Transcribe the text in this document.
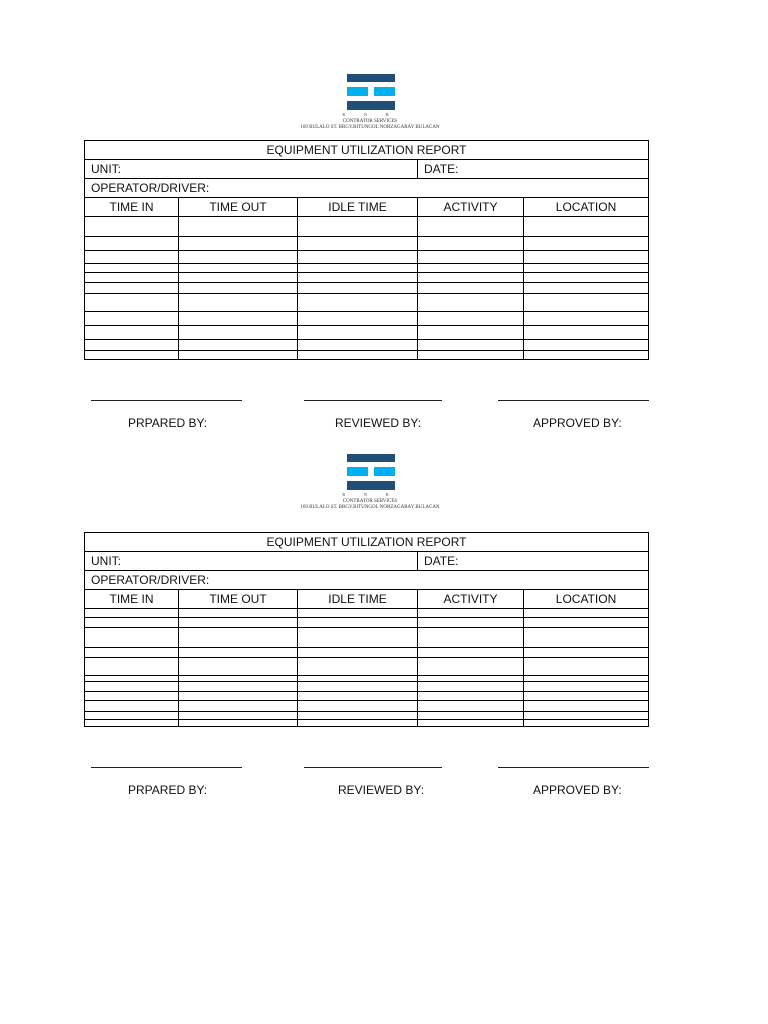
R N B
CONTRATOR SERVICES
169 BULALO ST. BRGY.BITUNGOL NORZAGARAY BULACAN
EQUIPMENT UTILIZATION REPORT				
UNIT:			DATE:	
OPERATOR/DRIVER:				
TIME IN	TIME OUT	IDLE TIME	ACTIVITY	LOCATION

PRPARED BY:	REVIEWED BY:	APPROVED BY:
R N B
CONTRATOR SERVICES
169 BULALO ST. BRGY.BITUNGOL NORZAGARAY BULACAN
EQUIPMENT UTILIZATION REPORT				
UNIT:			DATE:	
OPERATOR/DRIVER:				
TIME IN	TIME OUT	IDLE TIME	ACTIVITY	LOCATION

PRPARED BY:	REVIEWED BY:	APPROVED BY:
